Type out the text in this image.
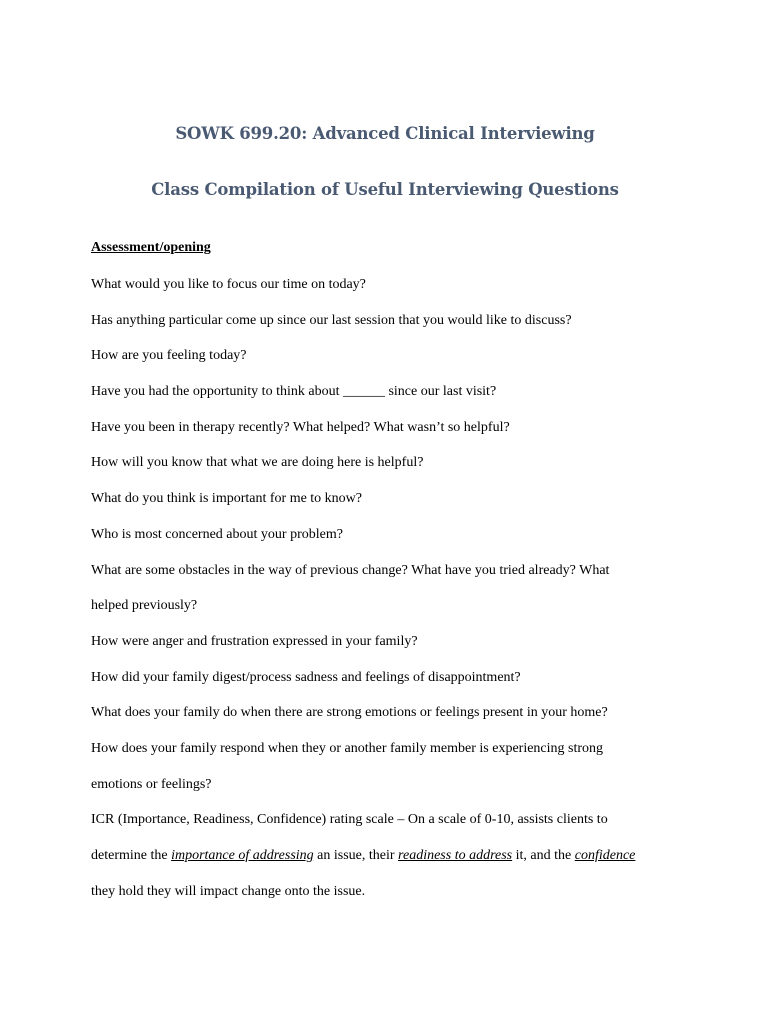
SOWK 699.20: Advanced Clinical Interviewing
Class Compilation of Useful Interviewing Questions
Assessment/opening

What would you like to focus our time on today?

Has anything particular come up since our last session that you would like to discuss?

How are you feeling today?

Have you had the opportunity to think about ______ since our last visit?

Have you been in therapy recently? What helped? What wasn’t so helpful?

How will you know that what we are doing here is helpful?

What do you think is important for me to know?

Who is most concerned about your problem?

What are some obstacles in the way of previous change? What have you tried already? What

helped previously?

How were anger and frustration expressed in your family?

How did your family digest/process sadness and feelings of disappointment?

What does your family do when there are strong emotions or feelings present in your home?

How does your family respond when they or another family member is experiencing strong

emotions or feelings?

ICR (Importance, Readiness, Confidence) rating scale – On a scale of 0-10, assists clients to

determine the importance of addressing an issue, their readiness to address it, and the confidence

they hold they will impact change onto the issue.
